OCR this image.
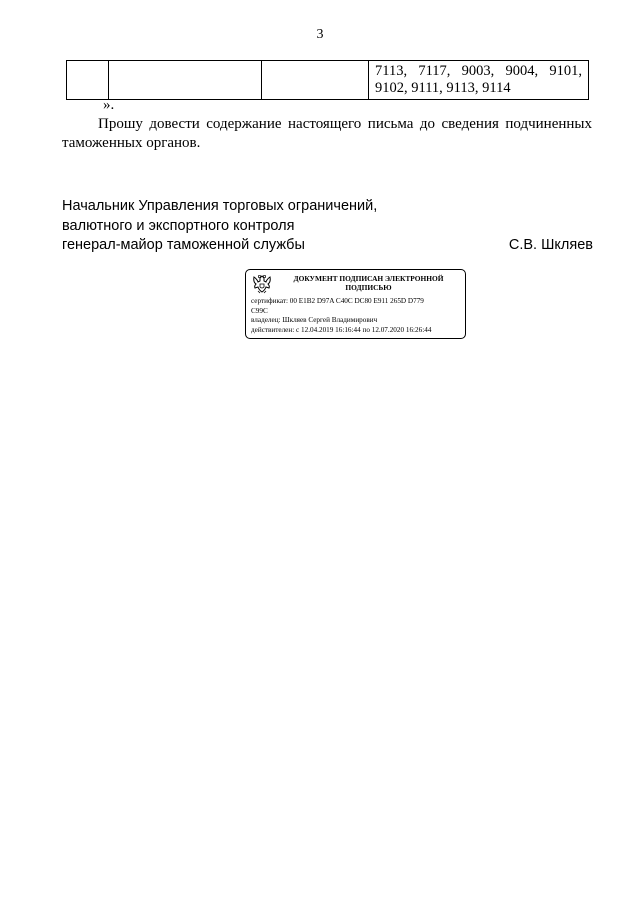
3

7113, 7117, 9003, 9004, 9101,
9102, 9111, 9113, 9114
».

Прошу довести содержание настоящего письма до сведения подчиненных таможенных органов.

Начальник Управления торговых ограничений,
валютного и экспортного контроля
генерал-майор таможенной службы	С.В. Шкляев
ДОКУМЕНТ ПОДПИСАН ЭЛЕКТРОННОЙ ПОДПИСЬЮ
сертификат: 00 E1B2 D97A C40C DC80 E911 265D D779
C99C
владелец: Шкляев Сергей Владимирович
действителен: с 12.04.2019 16:16:44 по 12.07.2020 16:26:44
